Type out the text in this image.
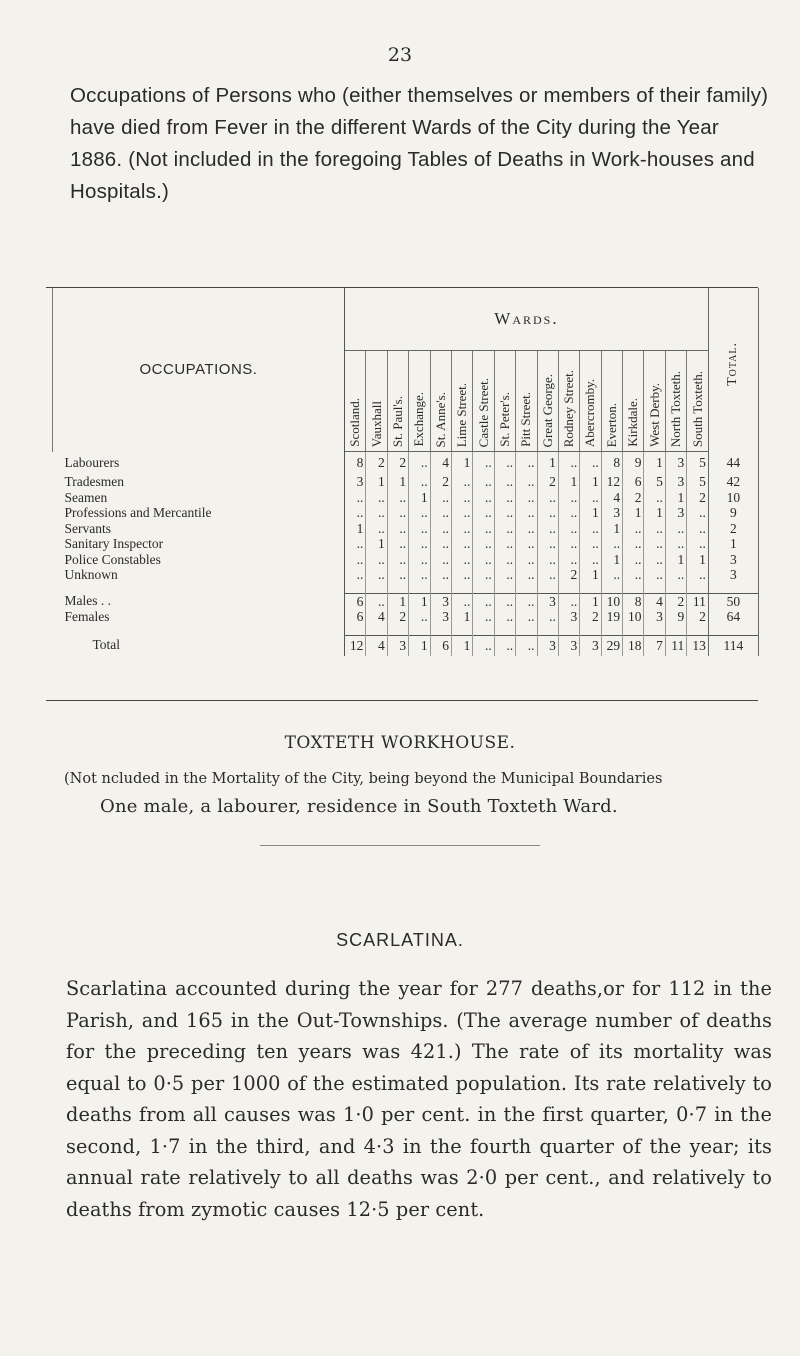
23
Occupations of Persons who (either themselves or members of their family) have died from Fever in the different Wards of the City during the Year 1886. (Not included in the foregoing Tables of Deaths in Work-houses and Hospitals.)
OCCUPATIONS.	Wards.																	Total.

	Scotland.	Vauxhall	St. Paul's.	Exchange.	St. Anne's.	Lime Street.	Castle Street.	St. Peter's.	Pitt Street.	Great George.	Rodney Street.	Abercromby.	Everton.	Kirkdale.	West Derby.	North Toxteth.	South Toxteth.	

Labourers	8	2	2	..	4	1	..	..	..	1	..	..	8	9	1	3	5	44
Tradesmen	3	1	1	..	2	..	..	..	..	2	1	1	12	6	5	3	5	42
Seamen	..	..	..	1	..	..	..	..	..	..	..	..	4	2	..	1	2	10
Professions and Mercantile	..	..	..	..	..	..	..	..	..	..	..	1	3	1	1	3	..	9
Servants	1	..	..	..	..	..	..	..	..	..	..	..	1	..	..	..	..	2
Sanitary Inspector	..	1	..	..	..	..	..	..	..	..	..	..	..	..	..	..	..	1
Police Constables	..	..	..	..	..	..	..	..	..	..	..	..	1	..	..	1	1	3
Unknown	..	..	..	..	..	..	..	..	..	..	2	1	..	..	..	..	..	3

Males . .	6	..	1	1	3	..	..	..	..	3	..	1	10	8	4	2	11	50
Females	6	4	2	..	3	1	..	..	..	..	3	2	19	10	3	9	2	64

Total	12	4	3	1	6	1	..	..	..	3	3	3	29	18	7	11	13	114
TOXTETH WORKHOUSE.
(Not ncluded in the Mortality of the City, being beyond the Municipal Boundaries
One male, a labourer, residence in South Toxteth Ward.
SCARLATINA.
Scarlatina accounted during the year for 277 deaths,or for 112 in the Parish, and 165 in the Out-Townships. (The average number of deaths for the preceding ten years was 421.) The rate of its mortality was equal to 0·5 per 1000 of the estimated population. Its rate relatively to deaths from all causes was 1·0 per cent. in the first quarter, 0·7 in the second, 1·7 in the third, and 4·3 in the fourth quarter of the year; its annual rate relatively to all deaths was 2·0 per cent., and relatively to deaths from zymotic causes 12·5 per cent.
